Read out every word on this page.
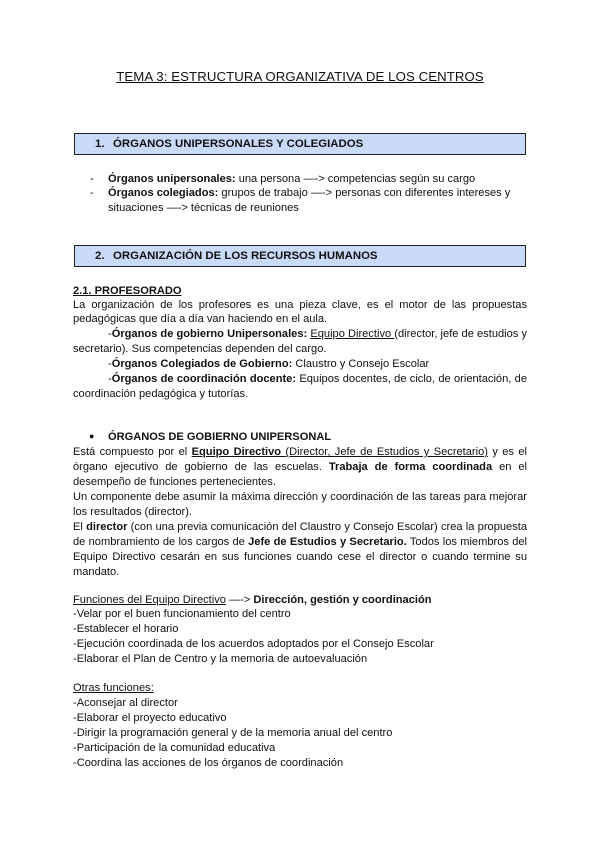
TEMA 3: ESTRUCTURA ORGANIZATIVA DE LOS CENTROS
1. ÓRGANOS UNIPERSONALES Y COLEGIADOS
- Órganos unipersonales: una persona —-> competencias según su cargo
- Órganos colegiados: grupos de trabajo —-> personas con diferentes intereses y
situaciones —-> técnicas de reuniones
2. ORGANIZACIÓN DE LOS RECURSOS HUMANOS
2.1. PROFESORADO
La organización de los profesores es una pieza clave, es el motor de las propuestas
pedagógicas que día a día van haciendo en el aula.
-Órganos de gobierno Unipersonales: Equipo Directivo (director, jefe de estudios y
secretario). Sus competencias dependen del cargo.
-Órganos Colegiados de Gobierno: Claustro y Consejo Escolar
-Órganos de coordinación docente: Equipos docentes, de ciclo, de orientación, de
coordinación pedagógica y tutorías.
● ÓRGANOS DE GOBIERNO UNIPERSONAL
Está compuesto por el Equipo Directivo (Director, Jefe de Estudios y Secretario) y es el
órgano ejecutivo de gobierno de las escuelas. Trabaja de forma coordinada en el
desempeño de funciones pertenecientes.
Un componente debe asumir la máxima dirección y coordinación de las tareas para mejorar
los resultados (director).
El director (con una previa comunicación del Claustro y Consejo Escolar) crea la propuesta
de nombramiento de los cargos de Jefe de Estudios y Secretario. Todos los miembros del
Equipo Directivo cesarán en sus funciones cuando cese el director o cuando termine su
mandato.
Funciones del Equipo Directivo —-> Dirección, gestión y coordinación
-Velar por el buen funcionamiento del centro
-Establecer el horario
-Ejecución coordinada de los acuerdos adoptados por el Consejo Escolar
-Elaborar el Plan de Centro y la memoria de autoevaluación
Otras funciones:
-Aconsejar al director
-Elaborar el proyecto educativo
-Dirigir la programación general y de la memoria anual del centro
-Participación de la comunidad educativa
-Coordina las acciones de los órganos de coordinación
